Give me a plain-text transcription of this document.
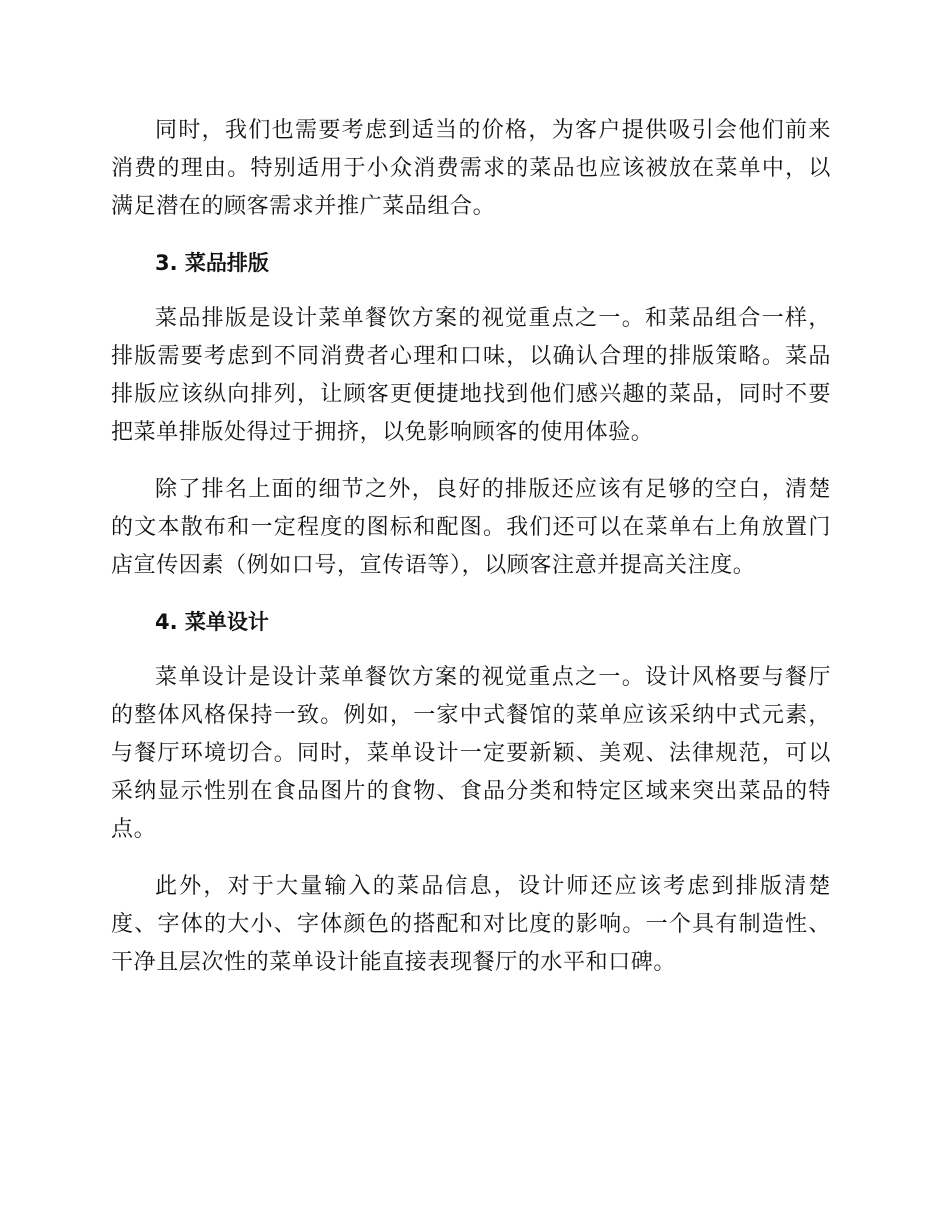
同时，我们也需要考虑到适当的价格，为客户提供吸引会他们前来消费的理由。特别适用于小众消费需求的菜品也应该被放在菜单中，以满足潜在的顾客需求并推广菜品组合。

3. 菜品排版

菜品排版是设计菜单餐饮方案的视觉重点之一。和菜品组合一样，排版需要考虑到不同消费者心理和口味，以确认合理的排版策略。菜品排版应该纵向排列，让顾客更便捷地找到他们感兴趣的菜品，同时不要把菜单排版处得过于拥挤，以免影响顾客的使用体验。

除了排名上面的细节之外，良好的排版还应该有足够的空白，清楚的文本散布和一定程度的图标和配图。我们还可以在菜单右上角放置门店宣传因素（例如口号，宣传语等），以顾客注意并提高关注度。

4. 菜单设计

菜单设计是设计菜单餐饮方案的视觉重点之一。设计风格要与餐厅的整体风格保持一致。例如，一家中式餐馆的菜单应该采纳中式元素，与餐厅环境切合。同时，菜单设计一定要新颖、美观、法律规范，可以采纳显示性别在食品图片的食物、食品分类和特定区域来突出菜品的特点。

此外，对于大量输入的菜品信息，设计师还应该考虑到排版清楚度、字体的大小、字体颜色的搭配和对比度的影响。一个具有制造性、干净且层次性的菜单设计能直接表现餐厅的水平和口碑。
